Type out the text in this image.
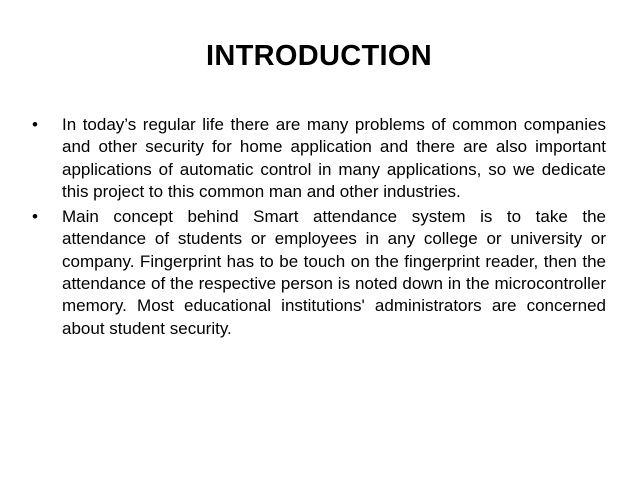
INTRODUCTION
•	In today’s regular life there are many problems of common companies and other security for home application and there are also important applications of automatic control in many applications, so we dedicate this project to this common man and other industries.
•	Main concept behind Smart attendance system is to take the attendance of students or employees in any college or university or company. Fingerprint has to be touch on the fingerprint reader, then the attendance of the respective person is noted down in the microcontroller memory. Most educational institutions' administrators are concerned about student security.
